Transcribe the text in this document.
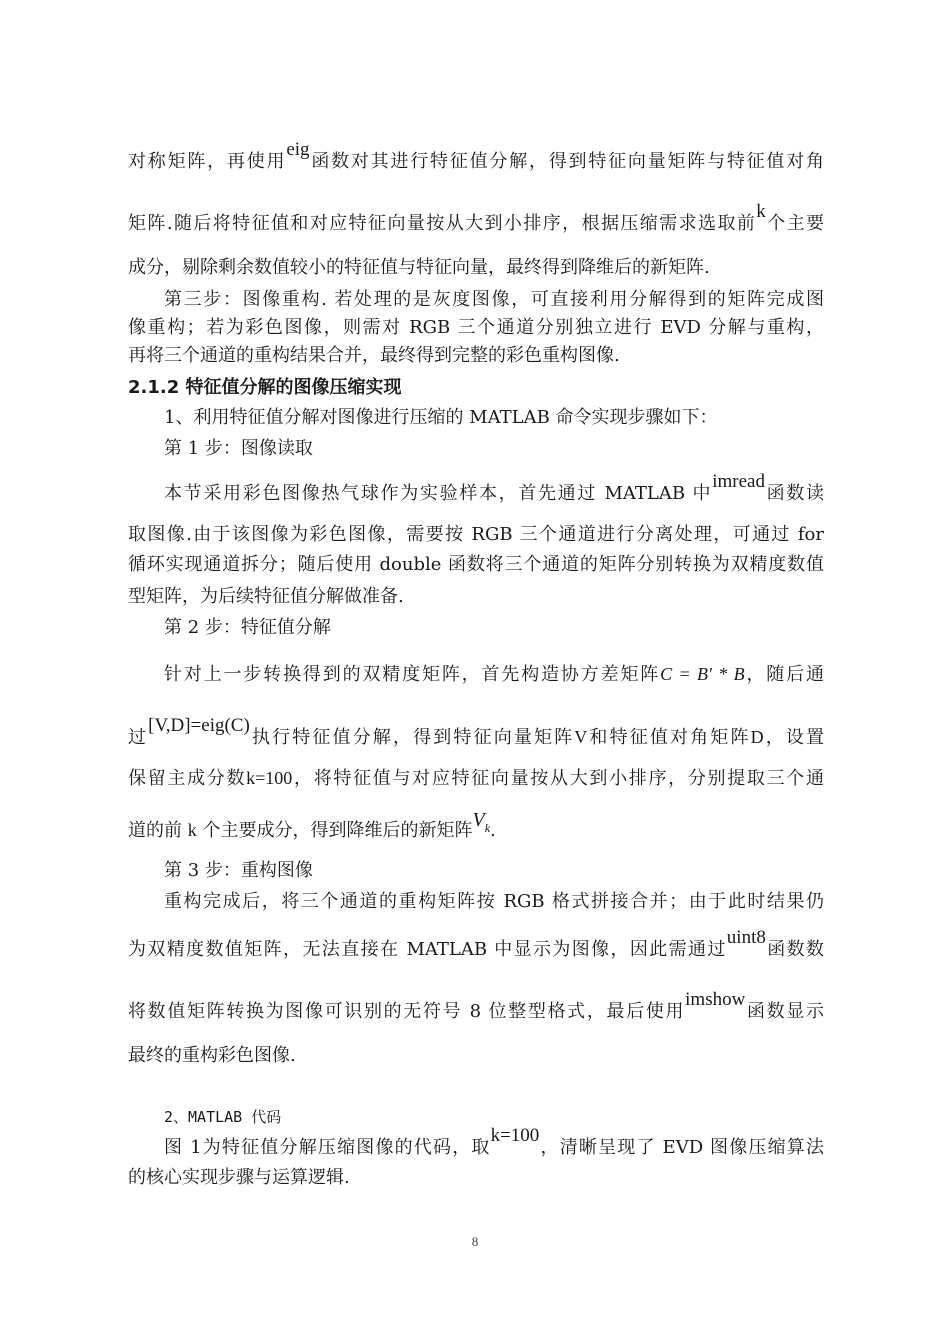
对称矩阵，再使用eig函数对其进行特征值分解，得到特征向量矩阵与特征值对角
矩阵.随后将特征值和对应特征向量按从大到小排序，根据压缩需求选取前k个主要
成分，剔除剩余数值较小的特征值与特征向量，最终得到降维后的新矩阵.
第三步：图像重构. 若处理的是灰度图像，可直接利用分解得到的矩阵完成图
像重构；若为彩色图像，则需对 RGB 三个通道分别独立进行 EVD 分解与重构，
再将三个通道的重构结果合并，最终得到完整的彩色重构图像.
2.1.2 特征值分解的图像压缩实现
1、利用特征值分解对图像进行压缩的 MATLAB 命令实现步骤如下：
第 1 步：图像读取
本节采用彩色图像热气球作为实验样本，首先通过 MATLAB 中imread函数读
取图像.由于该图像为彩色图像，需要按 RGB 三个通道进行分离处理，可通过 for
循环实现通道拆分；随后使用 double 函数将三个通道的矩阵分别转换为双精度数值
型矩阵，为后续特征值分解做准备.
第 2 步：特征值分解
针对上一步转换得到的双精度矩阵，首先构造协方差矩阵C = B′ * B，随后通
过[V,D]=eig(C)执行特征值分解，得到特征向量矩阵V和特征值对角矩阵D，设置
保留主成分数k=100，将特征值与对应特征向量按从大到小排序，分别提取三个通
道的前 k 个主要成分，得到降维后的新矩阵$V^k$.
第 3 步：重构图像
重构完成后，将三个通道的重构矩阵按 RGB 格式拼接合并；由于此时结果仍
为双精度数值矩阵，无法直接在 MATLAB 中显示为图像，因此需通过uint8函数数
将数值矩阵转换为图像可识别的无符号 8 位整型格式，最后使用imshow函数显示
最终的重构彩色图像.
2、MATLAB 代码
图 1为特征值分解压缩图像的代码，取k=100，清晰呈现了 EVD 图像压缩算法
的核心实现步骤与运算逻辑.
8
